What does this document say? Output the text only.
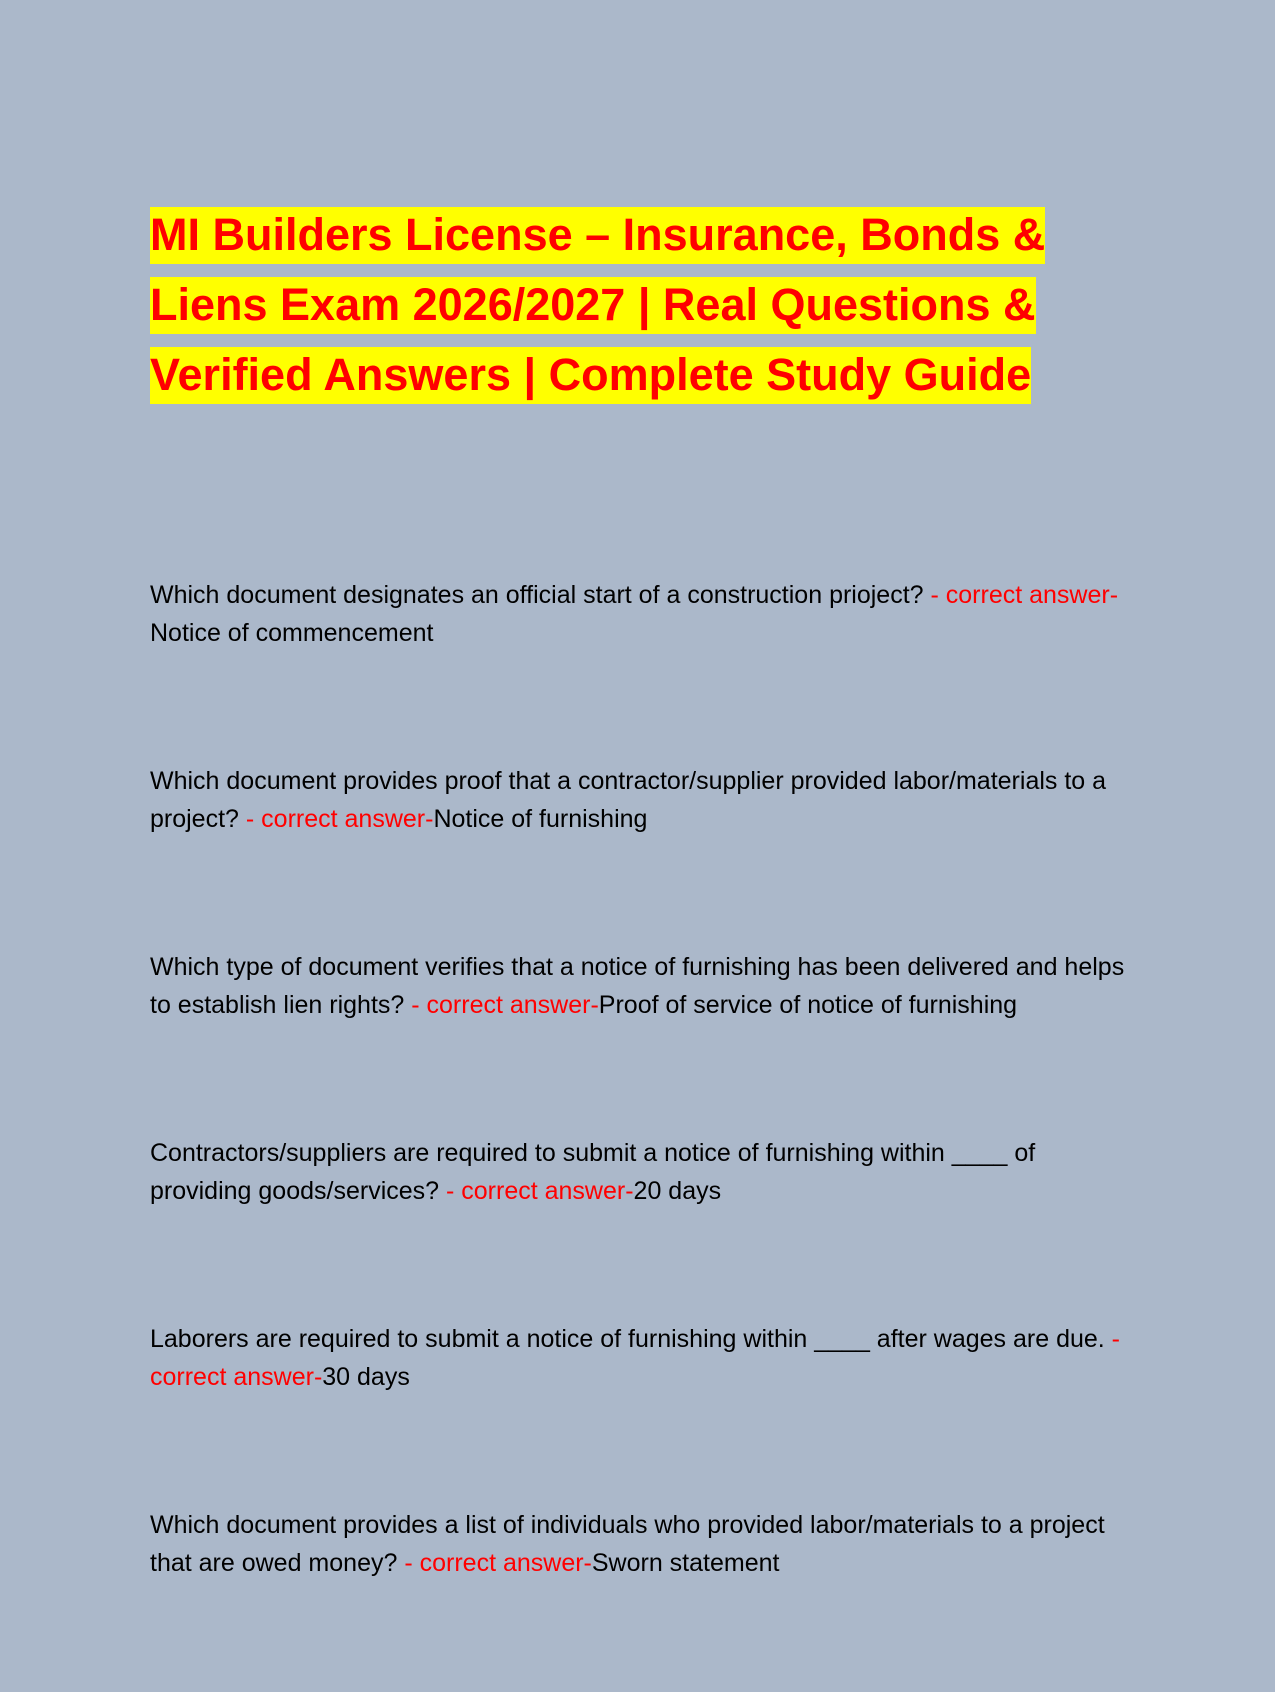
MI Builders License – Insurance, Bonds & Liens Exam 2026/2027 | Real Questions & Verified Answers | Complete Study Guide

Which document designates an official start of a construction prioject? - correct answer-Notice of commencement

Which document provides proof that a contractor/supplier provided labor/materials to a project? - correct answer-Notice of furnishing

Which type of document verifies that a notice of furnishing has been delivered and helps to establish lien rights? - correct answer-Proof of service of notice of furnishing

Contractors/suppliers are required to submit a notice of furnishing within ____ of providing goods/services? - correct answer-20 days

Laborers are required to submit a notice of furnishing within ____ after wages are due. - correct answer-30 days

Which document provides a list of individuals who provided labor/materials to a project that are owed money? - correct answer-Sworn statement
